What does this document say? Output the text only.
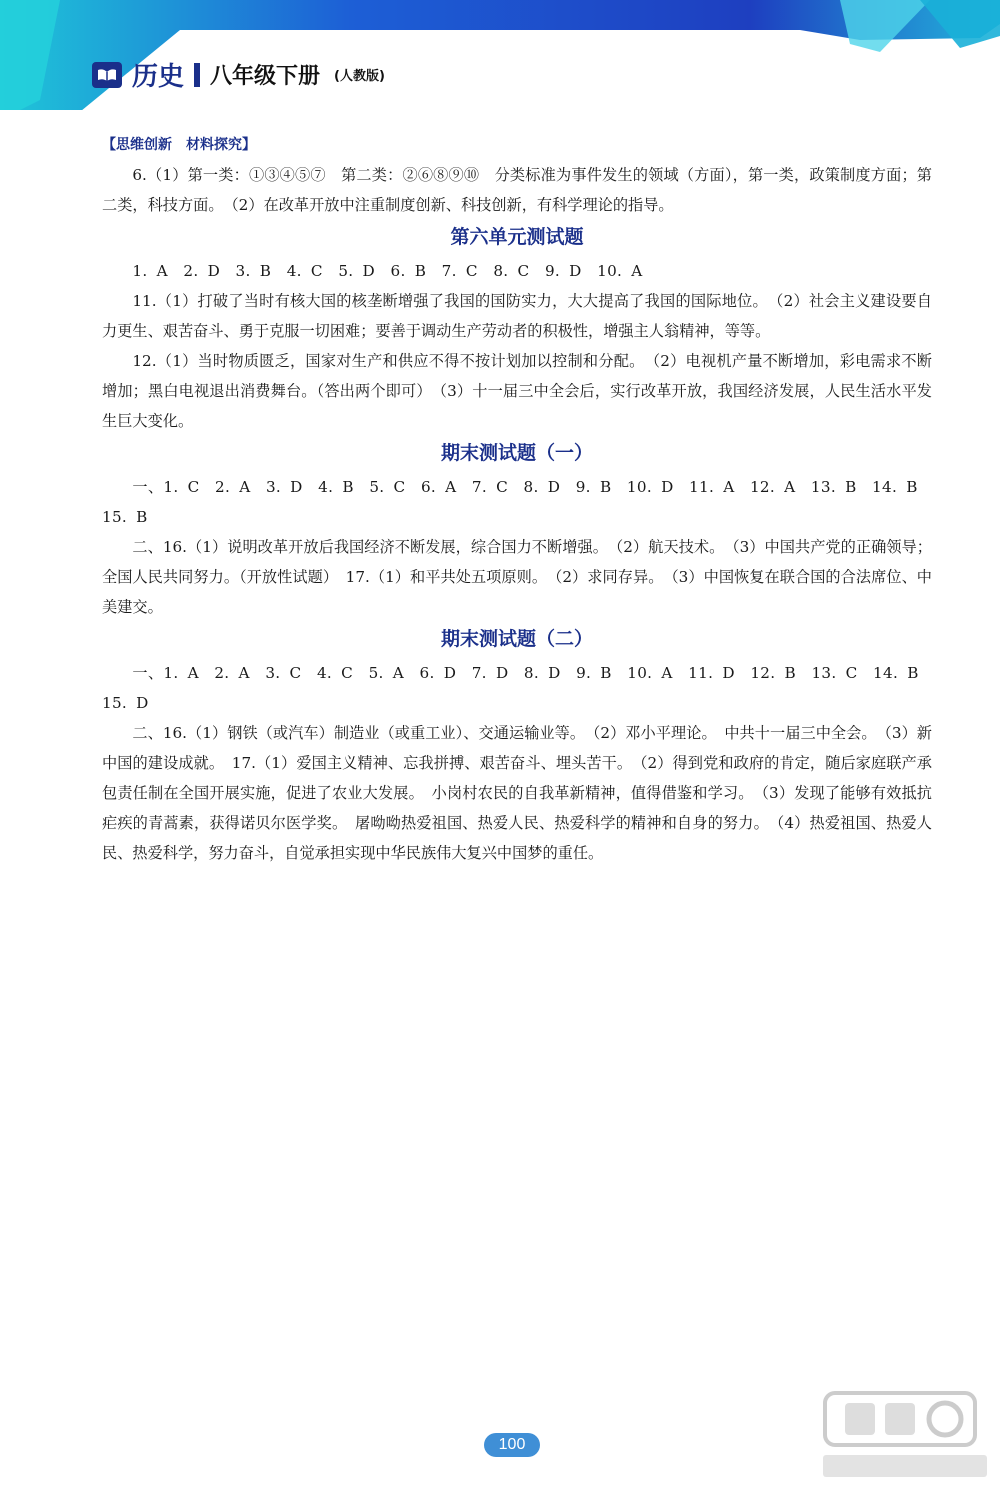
历史 八年级下册 (人教版)
【思维创新　材料探究】

6.（1）第一类：①③④⑤⑦　第二类：②⑥⑧⑨⑩　分类标准为事件发生的领域（方面），第一类，政策制度方面；第二类，科技方面。　（2）在改革开放中注重制度创新、科技创新，有科学理论的指导。

第六单元测试题

1. A　2. D　3. B　4. C　5. D　6. B　7. C　8. C　9. D　10. A

11.（1）打破了当时有核大国的核垄断增强了我国的国防实力，大大提高了我国的国际地位。　（2）社会主义建设要自力更生、艰苦奋斗、勇于克服一切困难；要善于调动生产劳动者的积极性，增强主人翁精神，等等。

12.（1）当时物质匮乏，国家对生产和供应不得不按计划加以控制和分配。　（2）电视机产量不断增加，彩电需求不断增加；黑白电视退出消费舞台。（答出两个即可）　（3）十一届三中全会后，实行改革开放，我国经济发展，人民生活水平发生巨大变化。

期末测试题（一）

一、1. C　2. A　3. D　4. B　5. C　6. A　7. C　8. D　9. B　10. D　11. A　12. A　13. B　14. B　15. B

二、16.（1）说明改革开放后我国经济不断发展，综合国力不断增强。　（2）航天技术。　（3）中国共产党的正确领导；全国人民共同努力。（开放性试题）　17.（1）和平共处五项原则。　（2）求同存异。　（3）中国恢复在联合国的合法席位、中美建交。

期末测试题（二）

一、1. A　2. A　3. C　4. C　5. A　6. D　7. D　8. D　9. B　10. A　11. D　12. B　13. C　14. B　15. D

二、16.（1）钢铁（或汽车）制造业（或重工业）、交通运输业等。　（2）邓小平理论。　中共十一届三中全会。　（3）新中国的建设成就。　17.（1）爱国主义精神、忘我拼搏、艰苦奋斗、埋头苦干。　（2）得到党和政府的肯定，随后家庭联产承包责任制在全国开展实施，促进了农业大发展。　小岗村农民的自我革新精神，值得借鉴和学习。　（3）发现了能够有效抵抗疟疾的青蒿素，获得诺贝尔医学奖。　屠呦呦热爱祖国、热爱人民、热爱科学的精神和自身的努力。　（4）热爱祖国、热爱人民、热爱科学，努力奋斗，自觉承担实现中华民族伟大复兴中国梦的重任。

100
